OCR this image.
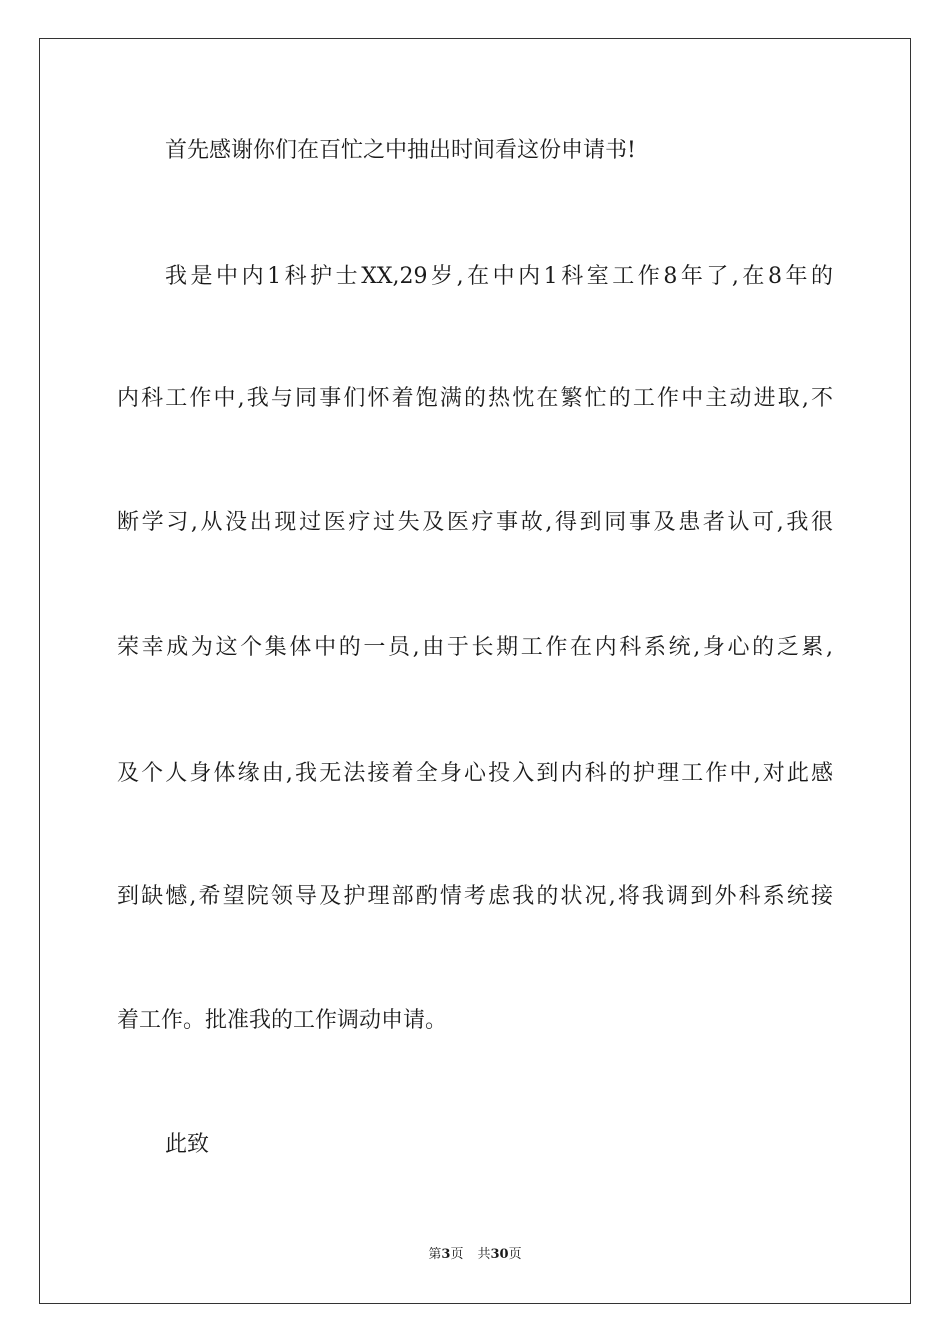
首先感谢你们在百忙之中抽出时间看这份申请书!
我是中内1科护士XX,29岁,在中内1科室工作8年了,在8年的
内科工作中,我与同事们怀着饱满的热忱在繁忙的工作中主动进取,不
断学习,从没出现过医疗过失及医疗事故,得到同事及患者认可,我很
荣幸成为这个集体中的一员,由于长期工作在内科系统,身心的乏累,
及个人身体缘由,我无法接着全身心投入到内科的护理工作中,对此感
到缺憾,希望院领导及护理部酌情考虑我的状况,将我调到外科系统接
着工作。批准我的工作调动申请。
此致
第3页 共30页
